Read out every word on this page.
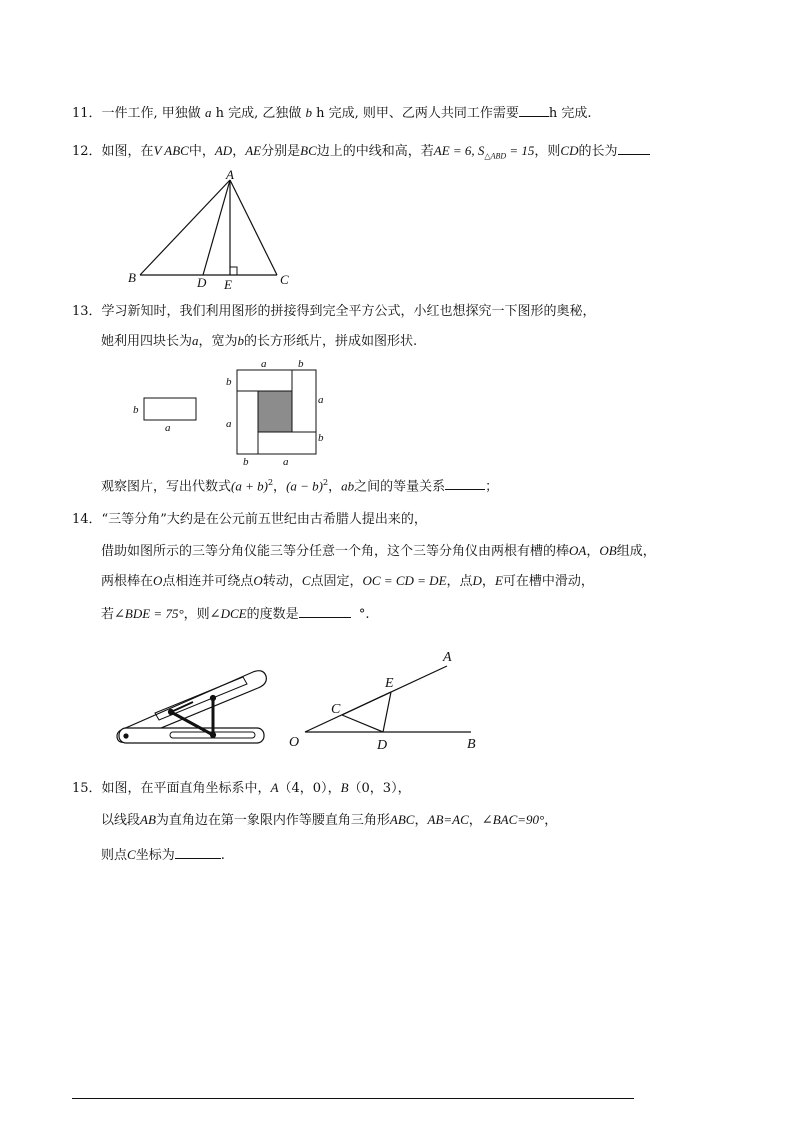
11．一件工作, 甲独做 a h 完成, 乙独做 b h 完成, 则甲、乙两人共同工作需要 h 完成.
12．如图，在V ABC中，AD，AE分别是BC边上的中线和高，若AE = 6, $S_{\triangle ABD} = 15$，则CD的长为
A
B	C
D E
13．学习新知时，我们利用图形的拼接得到完全平方公式，小红也想探究一下图形的奥秘，
她利用四块长为a，宽为b的长方形纸片，拼成如图形状.
b
a
a	b
b
a
a
b
b	a
观察图片，写出代数式$(a + b)^2$，$(a - b)^2$，ab之间的等量关系	；
14．“三等分角”大约是在公元前五世纪由古希腊人提出来的，
借助如图所示的三等分角仪能三等分任意一个角，这个三等分角仪由两根有槽的棒OA，OB组成，
两根棒在O点相连并可绕点O转动，C点固定，OC = CD = DE，点D，E可在槽中滑动，
若∠BDE = 75°，则∠DCE的度数是	°.
A
B
C
D
E
O
15．如图，在平面直角坐标系中，A（4，0），B（0，3），
以线段AB为直角边在第一象限内作等腰直角三角形ABC，AB=AC，∠BAC=90°，
则点C坐标为	.
